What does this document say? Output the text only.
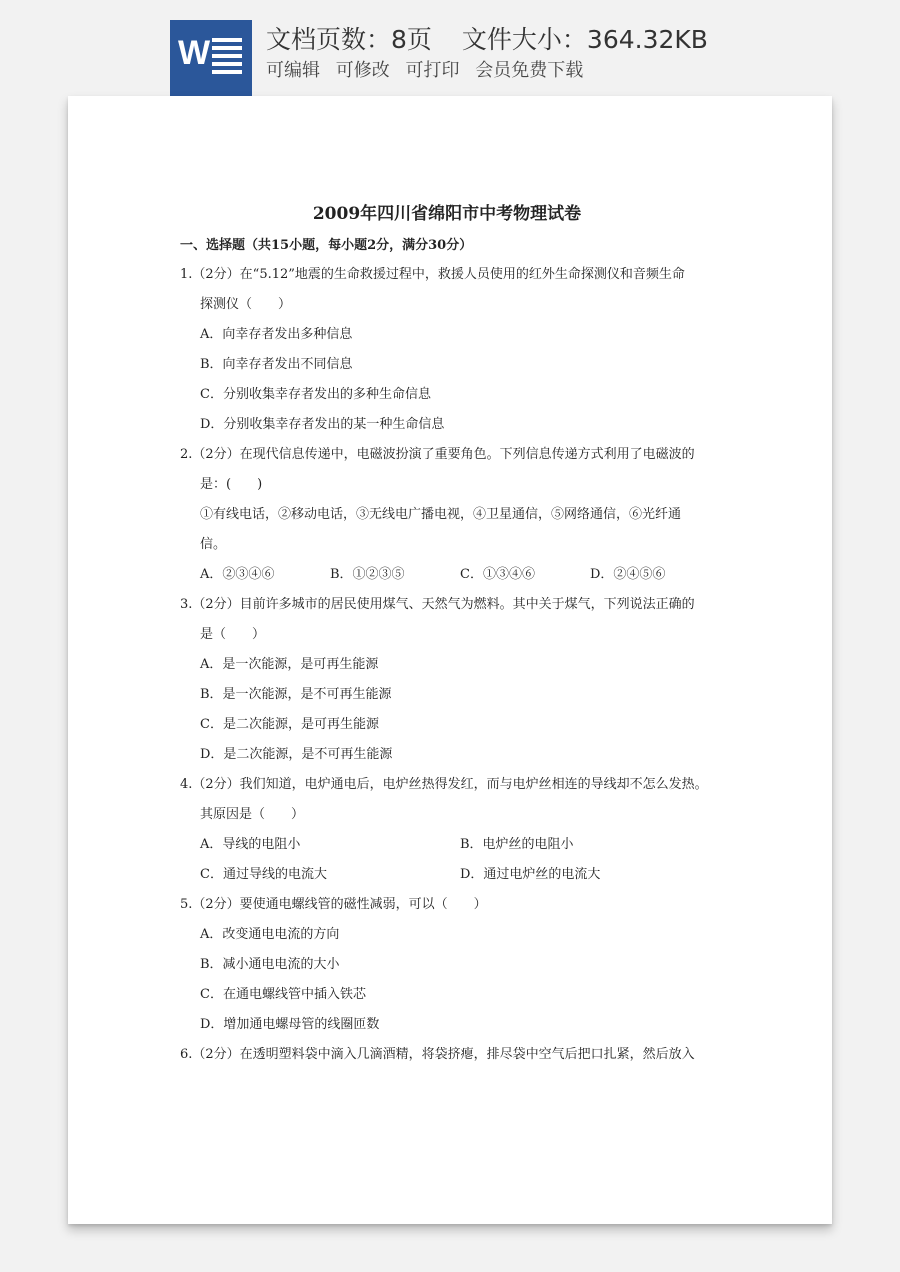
W 文档页数：8页 文件大小：364.32KB
可编辑 可修改 可打印 会员免费下载
2009年四川省绵阳市中考物理试卷
一、选择题（共15小题，每小题2分，满分30分）
1.（2分）在“5.12”地震的生命救援过程中，救援人员使用的红外生命探测仪和音频生命
探测仪（　　）
A．向幸存者发出多种信息
B．向幸存者发出不同信息
C．分别收集幸存者发出的多种生命信息
D．分别收集幸存者发出的某一种生命信息
2.（2分）在现代信息传递中，电磁波扮演了重要角色。下列信息传递方式利用了电磁波的
是：(　　)
①有线电话，②移动电话，③无线电广播电视，④卫星通信，⑤网络通信，⑥光纤通
信。
A．②③④⑥	B．①②③⑤	C．①③④⑥	D．②④⑤⑥
3.（2分）目前许多城市的居民使用煤气、天然气为燃料。其中关于煤气，下列说法正确的
是（　　）
A．是一次能源，是可再生能源
B．是一次能源，是不可再生能源
C．是二次能源，是可再生能源
D．是二次能源，是不可再生能源
4.（2分）我们知道，电炉通电后，电炉丝热得发红，而与电炉丝相连的导线却不怎么发热。
其原因是（　　）
A．导线的电阻小	B．电炉丝的电阻小
C．通过导线的电流大	D．通过电炉丝的电流大
5.（2分）要使通电螺线管的磁性减弱，可以（　　）
A．改变通电电流的方向
B．减小通电电流的大小
C．在通电螺线管中插入铁芯
D．增加通电螺母管的线圈匝数
6.（2分）在透明塑料袋中滴入几滴酒精，将袋挤瘪，排尽袋中空气后把口扎紧，然后放入
